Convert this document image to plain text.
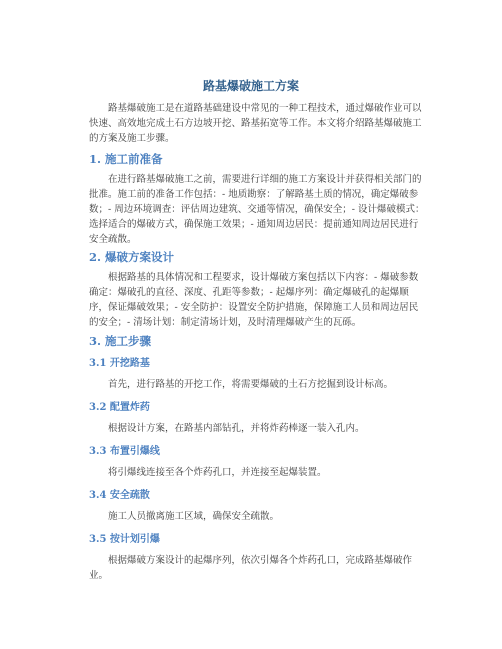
路基爆破施工方案

路基爆破施工是在道路基础建设中常见的一种工程技术，通过爆破作业可以快速、高效地完成土石方边坡开挖、路基拓宽等工作。本文将介绍路基爆破施工的方案及施工步骤。

1. 施工前准备

在进行路基爆破施工之前，需要进行详细的施工方案设计并获得相关部门的批准。施工前的准备工作包括：- 地质勘察：了解路基土质的情况，确定爆破参数；- 周边环境调查：评估周边建筑、交通等情况，确保安全；- 设计爆破模式：选择适合的爆破方式，确保施工效果；- 通知周边居民：提前通知周边居民进行安全疏散。

2. 爆破方案设计

根据路基的具体情况和工程要求，设计爆破方案包括以下内容：- 爆破参数确定：爆破孔的直径、深度、孔距等参数；- 起爆序列：确定爆破孔的起爆顺序，保证爆破效果；- 安全防护：设置安全防护措施，保障施工人员和周边居民的安全；- 清场计划：制定清场计划，及时清理爆破产生的瓦砾。

3. 施工步骤
3.1 开挖路基

首先，进行路基的开挖工作，将需要爆破的土石方挖掘到设计标高。

3.2 配置炸药

根据设计方案，在路基内部钻孔，并将炸药棒逐一装入孔内。

3.3 布置引爆线

将引爆线连接至各个炸药孔口，并连接至起爆装置。

3.4 安全疏散

施工人员撤离施工区域，确保安全疏散。

3.5 按计划引爆

根据爆破方案设计的起爆序列，依次引爆各个炸药孔口，完成路基爆破作业。
